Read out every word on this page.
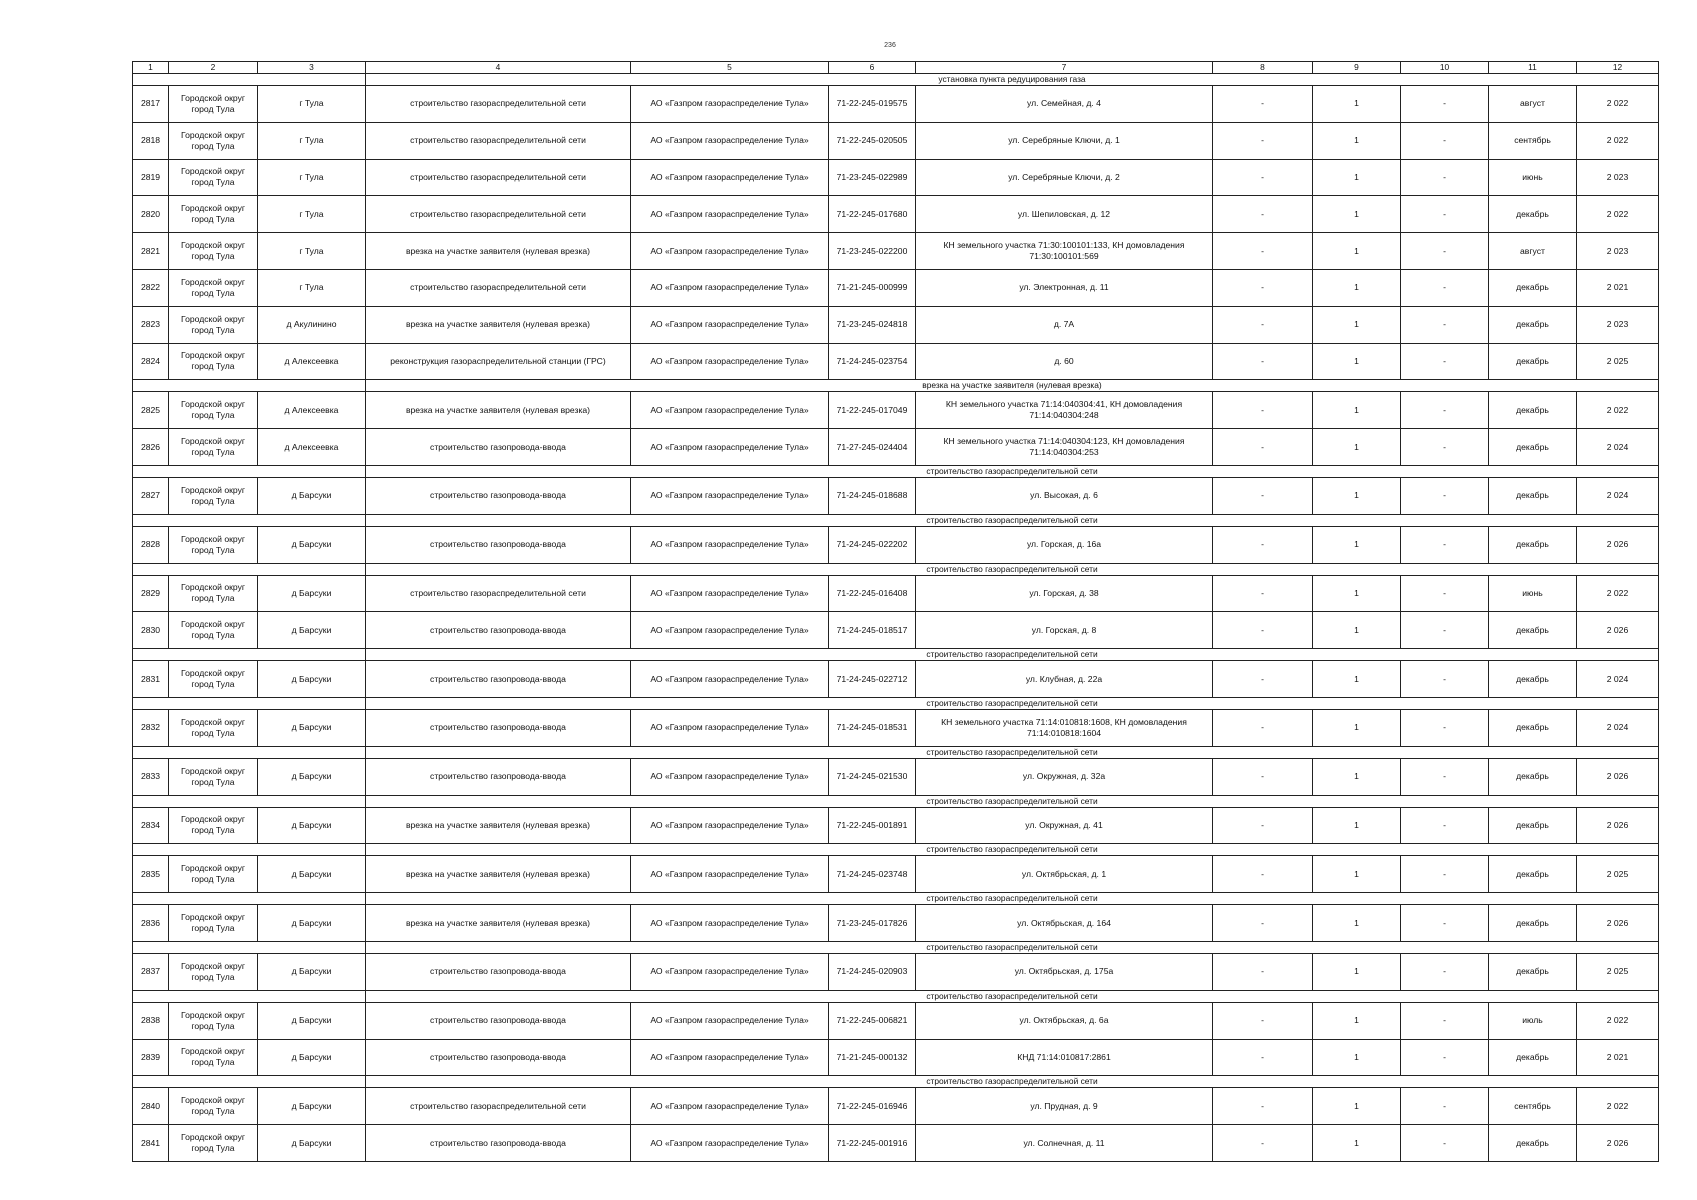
236
1	2	3	4	5	6	7	8	9	10	11	12
			установка пункта редуцирования газа								
2817	Городской округ город Тула	г Тула	строительство газораспределительной сети	АО «Газпром газораспределение Тула»	71-22-245-019575	ул. Семейная, д. 4	-	1	-	август	2 022
2818	Городской округ город Тула	г Тула	строительство газораспределительной сети	АО «Газпром газораспределение Тула»	71-22-245-020505	ул. Серебряные Ключи, д. 1	-	1	-	сентябрь	2 022
2819	Городской округ город Тула	г Тула	строительство газораспределительной сети	АО «Газпром газораспределение Тула»	71-23-245-022989	ул. Серебряные Ключи, д. 2	-	1	-	июнь	2 023
2820	Городской округ город Тула	г Тула	строительство газораспределительной сети	АО «Газпром газораспределение Тула»	71-22-245-017680	ул. Шепиловская, д. 12	-	1	-	декабрь	2 022
2821	Городской округ город Тула	г Тула	врезка на участке заявителя (нулевая врезка)	АО «Газпром газораспределение Тула»	71-23-245-022200	КН земельного участка 71:30:100101:133, КН домовладения 71:30:100101:569	-	1	-	август	2 023
2822	Городской округ город Тула	г Тула	строительство газораспределительной сети	АО «Газпром газораспределение Тула»	71-21-245-000999	ул. Электронная, д. 11	-	1	-	декабрь	2 021
2823	Городской округ город Тула	д Акулинино	врезка на участке заявителя (нулевая врезка)	АО «Газпром газораспределение Тула»	71-23-245-024818	д. 7А	-	1	-	декабрь	2 023
2824	Городской округ город Тула	д Алексеевка	реконструкция газораспределительной станции (ГРС)	АО «Газпром газораспределение Тула»	71-24-245-023754	д. 60	-	1	-	декабрь	2 025
			врезка на участке заявителя (нулевая врезка)								
2825	Городской округ город Тула	д Алексеевка	врезка на участке заявителя (нулевая врезка)	АО «Газпром газораспределение Тула»	71-22-245-017049	КН земельного участка 71:14:040304:41, КН домовладения 71:14:040304:248	-	1	-	декабрь	2 022
2826	Городской округ город Тула	д Алексеевка	строительство газопровода-ввода	АО «Газпром газораспределение Тула»	71-27-245-024404	КН земельного участка 71:14:040304:123, КН домовладения 71:14:040304:253	-	1	-	декабрь	2 024
			строительство газораспределительной сети								
2827	Городской округ город Тула	д Барсуки	строительство газопровода-ввода	АО «Газпром газораспределение Тула»	71-24-245-018688	ул. Высокая, д. 6	-	1	-	декабрь	2 024
			строительство газораспределительной сети								
2828	Городской округ город Тула	д Барсуки	строительство газопровода-ввода	АО «Газпром газораспределение Тула»	71-24-245-022202	ул. Горская, д. 16а	-	1	-	декабрь	2 026
			строительство газораспределительной сети								
2829	Городской округ город Тула	д Барсуки	строительство газораспределительной сети	АО «Газпром газораспределение Тула»	71-22-245-016408	ул. Горская, д. 38	-	1	-	июнь	2 022
2830	Городской округ город Тула	д Барсуки	строительство газопровода-ввода	АО «Газпром газораспределение Тула»	71-24-245-018517	ул. Горская, д. 8	-	1	-	декабрь	2 026
			строительство газораспределительной сети								
2831	Городской округ город Тула	д Барсуки	строительство газопровода-ввода	АО «Газпром газораспределение Тула»	71-24-245-022712	ул. Клубная, д. 22а	-	1	-	декабрь	2 024
			строительство газораспределительной сети								
2832	Городской округ город Тула	д Барсуки	строительство газопровода-ввода	АО «Газпром газораспределение Тула»	71-24-245-018531	КН земельного участка 71:14:010818:1608, КН домовладения 71:14:010818:1604	-	1	-	декабрь	2 024
			строительство газораспределительной сети								
2833	Городской округ город Тула	д Барсуки	строительство газопровода-ввода	АО «Газпром газораспределение Тула»	71-24-245-021530	ул. Окружная, д. 32а	-	1	-	декабрь	2 026
			строительство газораспределительной сети								
2834	Городской округ город Тула	д Барсуки	врезка на участке заявителя (нулевая врезка)	АО «Газпром газораспределение Тула»	71-22-245-001891	ул. Окружная, д. 41	-	1	-	декабрь	2 026
			строительство газораспределительной сети								
2835	Городской округ город Тула	д Барсуки	врезка на участке заявителя (нулевая врезка)	АО «Газпром газораспределение Тула»	71-24-245-023748	ул. Октябрьская, д. 1	-	1	-	декабрь	2 025
			строительство газораспределительной сети								
2836	Городской округ город Тула	д Барсуки	врезка на участке заявителя (нулевая врезка)	АО «Газпром газораспределение Тула»	71-23-245-017826	ул. Октябрьская, д. 164	-	1	-	декабрь	2 026
			строительство газораспределительной сети								
2837	Городской округ город Тула	д Барсуки	строительство газопровода-ввода	АО «Газпром газораспределение Тула»	71-24-245-020903	ул. Октябрьская, д. 175а	-	1	-	декабрь	2 025
			строительство газораспределительной сети								
2838	Городской округ город Тула	д Барсуки	строительство газопровода-ввода	АО «Газпром газораспределение Тула»	71-22-245-006821	ул. Октябрьская, д. 6а	-	1	-	июль	2 022
2839	Городской округ город Тула	д Барсуки	строительство газопровода-ввода	АО «Газпром газораспределение Тула»	71-21-245-000132	КНД 71:14:010817:2861	-	1	-	декабрь	2 021
			строительство газораспределительной сети								
2840	Городской округ город Тула	д Барсуки	строительство газораспределительной сети	АО «Газпром газораспределение Тула»	71-22-245-016946	ул. Прудная, д. 9	-	1	-	сентябрь	2 022
2841	Городской округ город Тула	д Барсуки	строительство газопровода-ввода	АО «Газпром газораспределение Тула»	71-22-245-001916	ул. Солнечная, д. 11	-	1	-	декабрь	2 026
